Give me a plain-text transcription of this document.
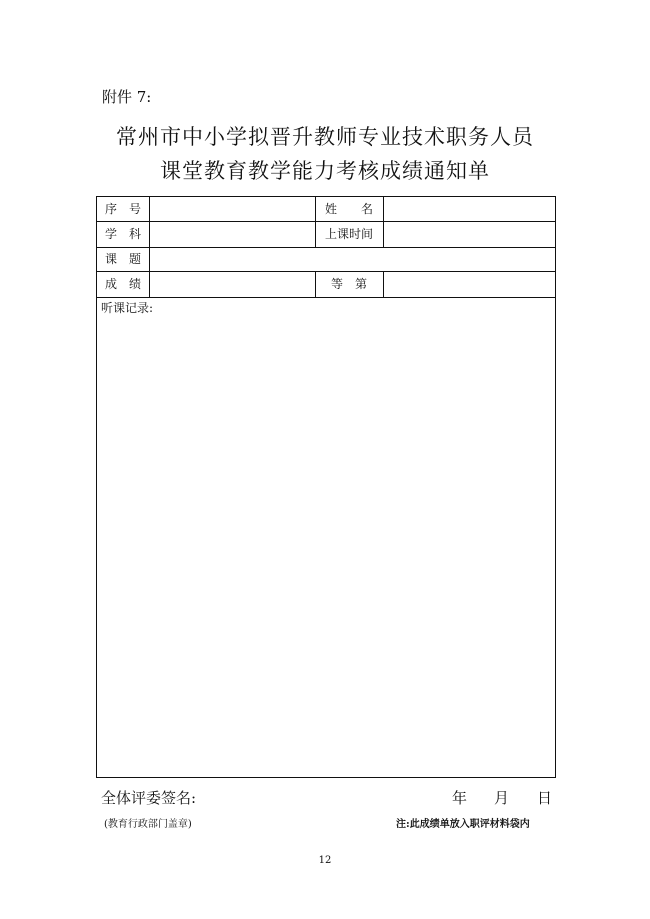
附件 7:
常州市中小学拟晋升教师专业技术职务人员
课堂教育教学能力考核成绩通知单
序　号	姓　　名
学　科	上课时间
课　题
成　绩	等　第
听课记录:
全体评委签名:	年 月 日
(教育行政部门盖章)	注:此成绩单放入职评材料袋内
12
